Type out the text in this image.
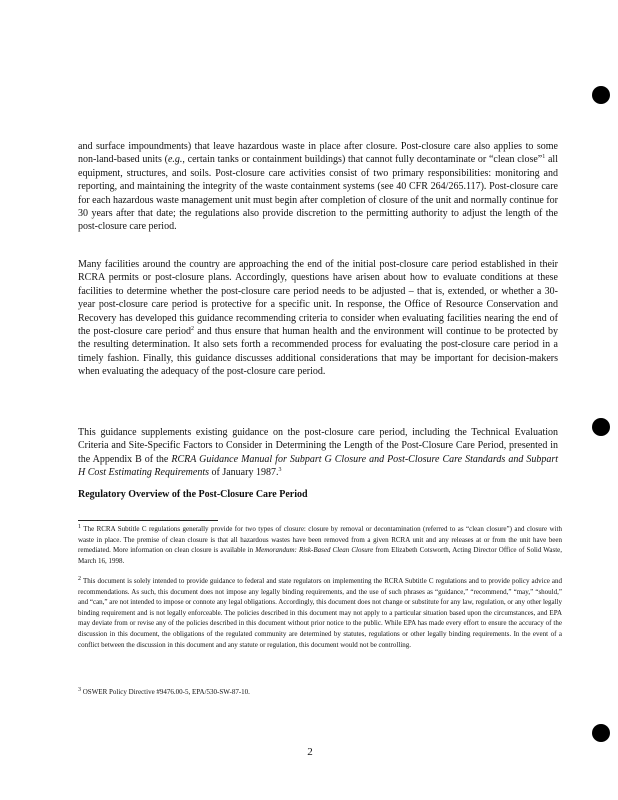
and surface impoundments) that leave hazardous waste in place after closure. Post-closure care also applies to some non-land-based units (e.g., certain tanks or containment buildings) that cannot fully decontaminate or “clean close”$^1$ all equipment, structures, and soils. Post-closure care activities consist of two primary responsibilities: monitoring and reporting, and maintaining the integrity of the waste containment systems (see 40 CFR 264/265.117). Post-closure care for each hazardous waste management unit must begin after completion of closure of the unit and normally continue for 30 years after that date; the regulations also provide discretion to the permitting authority to adjust the length of the post-closure care period.
Many facilities around the country are approaching the end of the initial post-closure care period established in their RCRA permits or post-closure plans. Accordingly, questions have arisen about how to evaluate conditions at these facilities to determine whether the post-closure care period needs to be adjusted – that is, extended, or whether a 30-year post-closure care period is protective for a specific unit. In response, the Office of Resource Conservation and Recovery has developed this guidance recommending criteria to consider when evaluating facilities nearing the end of the post-closure care period$^2$ and thus ensure that human health and the environment will continue to be protected by the resulting determination. It also sets forth a recommended process for evaluating the post-closure care period in a timely fashion. Finally, this guidance discusses additional considerations that may be important for decision-makers when evaluating the adequacy of the post-closure care period.
This guidance supplements existing guidance on the post-closure care period, including the Technical Evaluation Criteria and Site-Specific Factors to Consider in Determining the Length of the Post-Closure Care Period, presented in the Appendix B of the RCRA Guidance Manual for Subpart G Closure and Post-Closure Care Standards and Subpart H Cost Estimating Requirements of January 1987.$^3$
Regulatory Overview of the Post-Closure Care Period
$^1$ The RCRA Subtitle C regulations generally provide for two types of closure: closure by removal or decontamination (referred to as “clean closure”) and closure with waste in place. The premise of clean closure is that all hazardous wastes have been removed from a given RCRA unit and any releases at or from the unit have been remediated. More information on clean closure is available in Memorandum: Risk-Based Clean Closure from Elizabeth Cotsworth, Acting Director Office of Solid Waste, March 16, 1998.
$^2$ This document is solely intended to provide guidance to federal and state regulators on implementing the RCRA Subtitle C regulations and to provide policy advice and recommendations. As such, this document does not impose any legally binding requirements, and the use of such phrases as “guidance,” “recommend,” “may,” “should,” and “can,” are not intended to impose or connote any legal obligations. Accordingly, this document does not change or substitute for any law, regulation, or any other legally binding requirement and is not legally enforceable. The policies described in this document may not apply to a particular situation based upon the circumstances, and EPA may deviate from or revise any of the policies described in this document without prior notice to the public. While EPA has made every effort to ensure the accuracy of the discussion in this document, the obligations of the regulated community are determined by statutes, regulations or other legally binding requirements. In the event of a conflict between the discussion in this document and any statute or regulation, this document would not be controlling.
$^3$ OSWER Policy Directive #9476.00-5, EPA/530-SW-87-10.
2
